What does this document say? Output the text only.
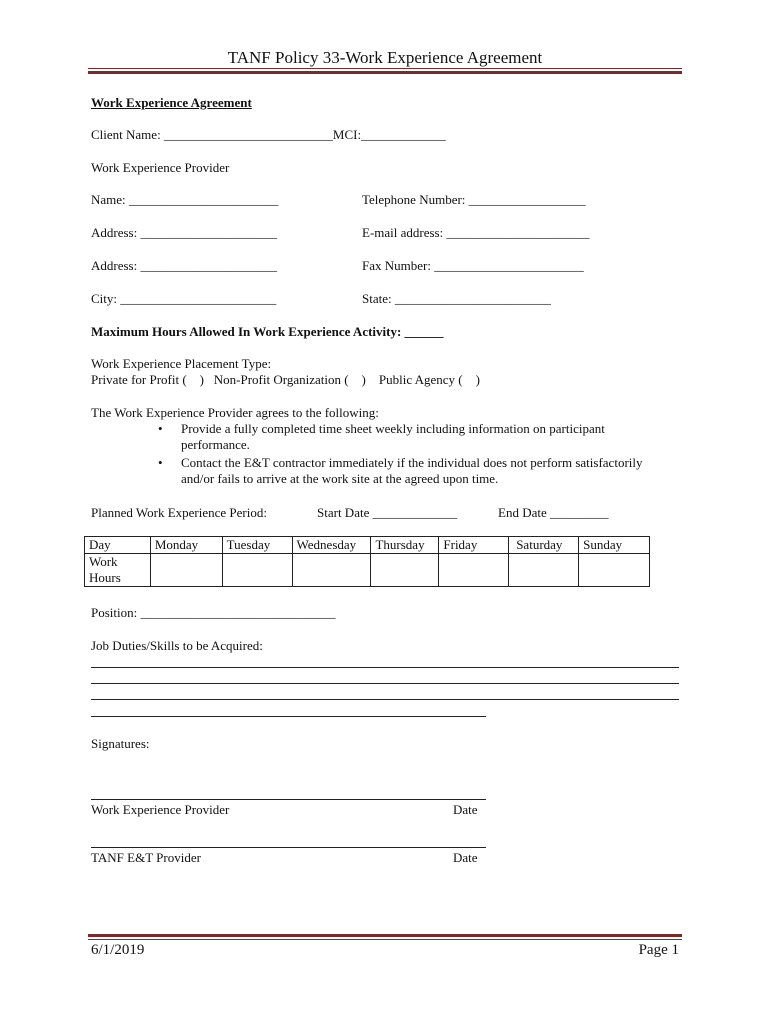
TANF Policy 33-Work Experience Agreement
Work Experience Agreement
Client Name: __________________________MCI:_____________
Work Experience Provider
Name: _______________________	Telephone Number: __________________
Address: _____________________	E-mail address: ______________________
Address: _____________________	Fax Number: _______________________
City: ________________________	State: ________________________
Maximum Hours Allowed In Work Experience Activity: ______
Work Experience Placement Type:
Private for Profit (    )   Non-Profit Organization (    )    Public Agency (    )
The Work Experience Provider agrees to the following:
• Provide a fully completed time sheet weekly including information on participant
performance.
• Contact the E&T contractor immediately if the individual does not perform satisfactorily
and/or fails to arrive at the work site at the agreed upon time.
Planned Work Experience Period:	Start Date _____________	End Date _________
Day	Monday	Tuesday	Wednesday	Thursday	Friday	Saturday	Sunday
Work
Hours							
Position: ______________________________
Job Duties/Skills to be Acquired:
Signatures:
Work Experience Provider	Date
TANF E&T Provider	Date
6/1/2019	Page 1
